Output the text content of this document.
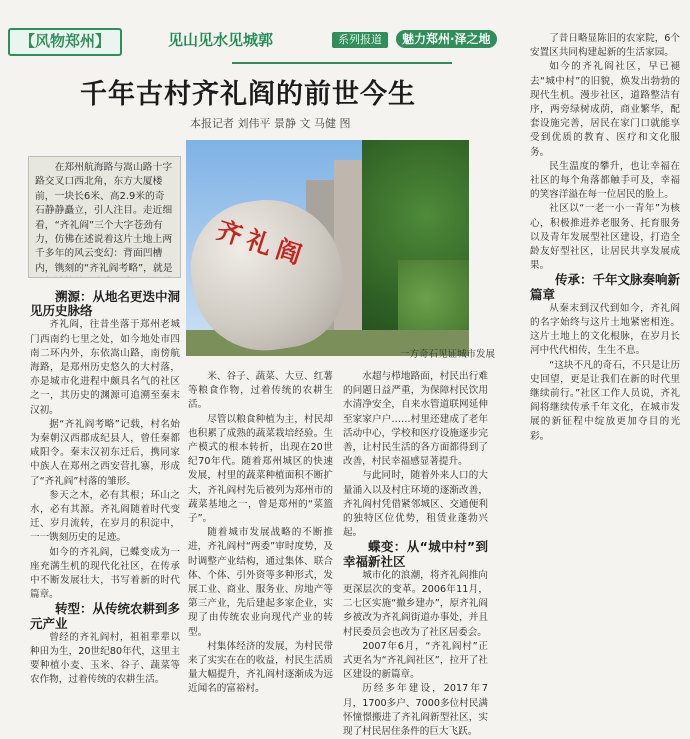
【风物郑州】	见山见水见城郭	系列报道	魅力郑州·泽之地
千年古村齐礼阎的前世今生
本报记者 刘伟平 景静 文 马健 图
在郑州航海路与嵩山路十字路交叉口西北角，东方大厦楼前，一块长6米、高2.9米的奇石静静矗立，引人注目。走近细看，“齐礼阎”三个大字苍劲有力，仿佛在述说着这片土地上两千多年的风云变幻：背面凹槽内，镌刻的“齐礼阎考略”，就是	齐礼阎
一方奇石见证城市发展

溯源：从地名更迭中洞见历史脉络

齐礼阎，往昔坐落于郑州老城门西南约七里之处，如今地处市四南二环内外，东依嵩山路，南傍航海路，是郑州历史悠久的大村落，亦是城市化进程中颇具名气的社区之一，其历史的渊源可追溯至秦末汉初。

据“齐礼阎考略”记载，村名始为秦朝汉西郡成纪县人，曾任秦都咸阳令。秦末汉初东迁后，携同家中族人在郑州之西安营扎寨，形成了“齐礼阎”村落的雏形。

参天之木，必有其根；环山之水，必有其源。齐礼阎随着时代变迁、岁月流转，在岁月的积淀中，一一镌刻历史的足迹。

如今的齐礼阎，已蝶变成为一座充满生机的现代化社区，在传承中不断发展壮大，书写着新的时代篇章。

转型：从传统农耕到多元产业

曾经的齐礼阎村，祖祖辈辈以种田为生，20世纪80年代，这里主要种植小麦、玉米、谷子、蔬菜等农作物，过着传统的农耕生活。

米、谷子、蔬菜、大豆、红薯等粮食作物，过着传统的农耕生活。

尽管以粮食种植为主，村民却也积累了成熟的蔬菜栽培经验。生产模式的根本转折，出现在20世纪70年代。随着郑州城区的快速发展，村里的蔬菜种植面积不断扩大，齐礼阎村先后被列为郑州市的蔬菜基地之一，曾是郑州的“菜篮子”。

随着城市发展战略的不断推进，齐礼阎村“两委”审时度势，及时调整产业结构，通过集体、联合体、个体、引外资等多种形式，发展工业、商业、服务业、房地产等第三产业，先后建起多家企业，实现了由传统农业向现代产业的转型。

村集体经济的发展，为村民带来了实实在在的收益，村民生活质量大幅提升，齐礼阎村逐渐成为远近闻名的富裕村。

水超与栉地路面，村民出行难的问题日益严重，为保障村民饮用水清净安全，自来水管道联网延伸至家家户户……村里还建成了老年活动中心，学校和医疗设施逐步完善，让村民生活的各方面都得到了改善，村民幸福感显著提升。

与此同时，随着外来人口的大量涌入以及村庄环境的逐渐改善，齐礼阎村凭借紧邻城区、交通便利的独特区位优势，租赁业蓬勃兴起。

蝶变：从“城中村”到幸福新社区

城市化的浪潮，将齐礼阎推向更深层次的变革。2006年11月，二七区实施“撤乡建办”，原齐礼阎乡被改为齐礼阎街道办事处，并且村民委员会也改为了社区居委会。

2007年6月，“齐礼阎村”正式更名为“齐礼阎社区”，拉开了社区建设的新篇章。

历经多年建设，2017年7月，1700多户、7000多位村民满怀憧憬搬进了齐礼阎新型社区，实现了村民居住条件的巨大飞跃。

了昔日略显陈旧的农家院，6个安置区共同构建起新的生活家园。

如今的齐礼阎社区，早已褪去“城中村”的旧貌，焕发出勃勃的现代生机。漫步社区，道路整洁有序，两旁绿树成荫，商业繁华，配套设施完善，居民在家门口就能享受到优质的教育、医疗和文化服务。

民生温度的攀升，也让幸福在社区的每个角落都触手可及，幸福的笑容洋溢在每一位居民的脸上。

社区以“一老一小一青年”为核心，积极推进养老服务、托育服务以及青年发展型社区建设，打造全龄友好型社区，让居民共享发展成果。

传承：千年文脉奏响新篇章

从秦末到汉代到如今，齐礼阎的名字始终与这片土地紧密相连。这片土地上的文化根脉，在岁月长河中代代相传，生生不息。

“这块不凡的奇石，不只是让历史回望，更是让我们在新的时代里继续前行。”社区工作人员说，齐礼阎将继续传承千年文化，在城市发展的新征程中绽放更加夺目的光彩。
